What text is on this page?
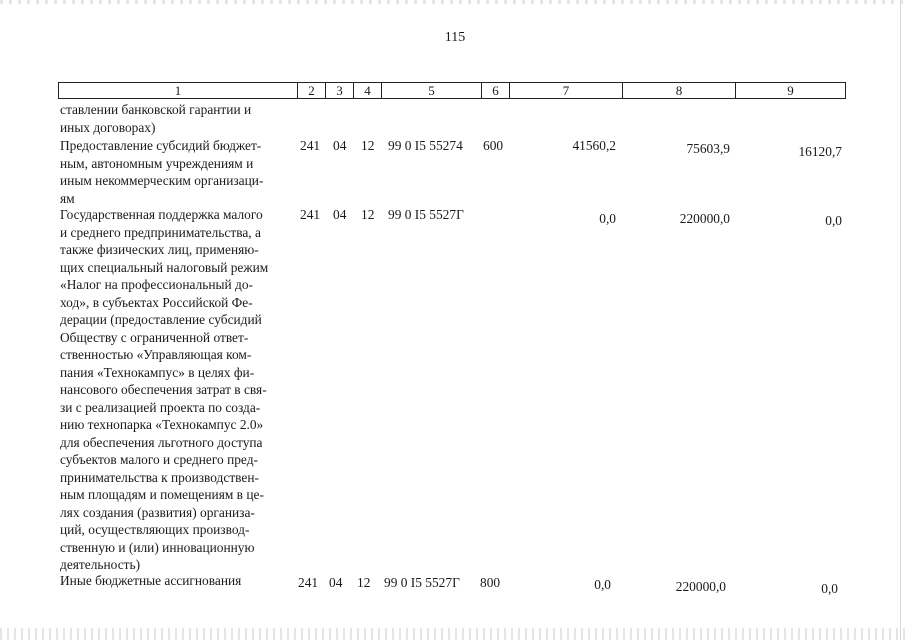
115
1	2	3	4	5	6	7	8	9
ставлении банковской гарантии и
иных договорах)
Предоставление субсидий бюджет-
ным, автономным учреждениям и
иным некоммерческим организаци-
ям
241 04 12 99 0 I5 55274 600	41560,2	75603,9	16120,7
Государственная поддержка малого
и среднего предпринимательства, а
также физических лиц, применяю-
щих специальный налоговый режим
«Налог на профессиональный до-
ход», в субъектах Российской Фе-
дерации (предоставление субсидий
Обществу с ограниченной ответ-
ственностью «Управляющая ком-
пания «Технокампус» в целях фи-
нансового обеспечения затрат в свя-
зи с реализацией проекта по созда-
нию технопарка «Технокампус 2.0»
для обеспечения льготного доступа
субъектов малого и среднего пред-
принимательства к производствен-
ным площадям и помещениям в це-
лях создания (развития) организа-
ций, осуществляющих производ-
ственную и (или) инновационную
деятельность)
241 04 12 99 0 I5 5527Г	0,0	220000,0	0,0
Иные бюджетные ассигнования	241 04 12 99 0 I5 5527Г 800	0,0	220000,0	0,0
